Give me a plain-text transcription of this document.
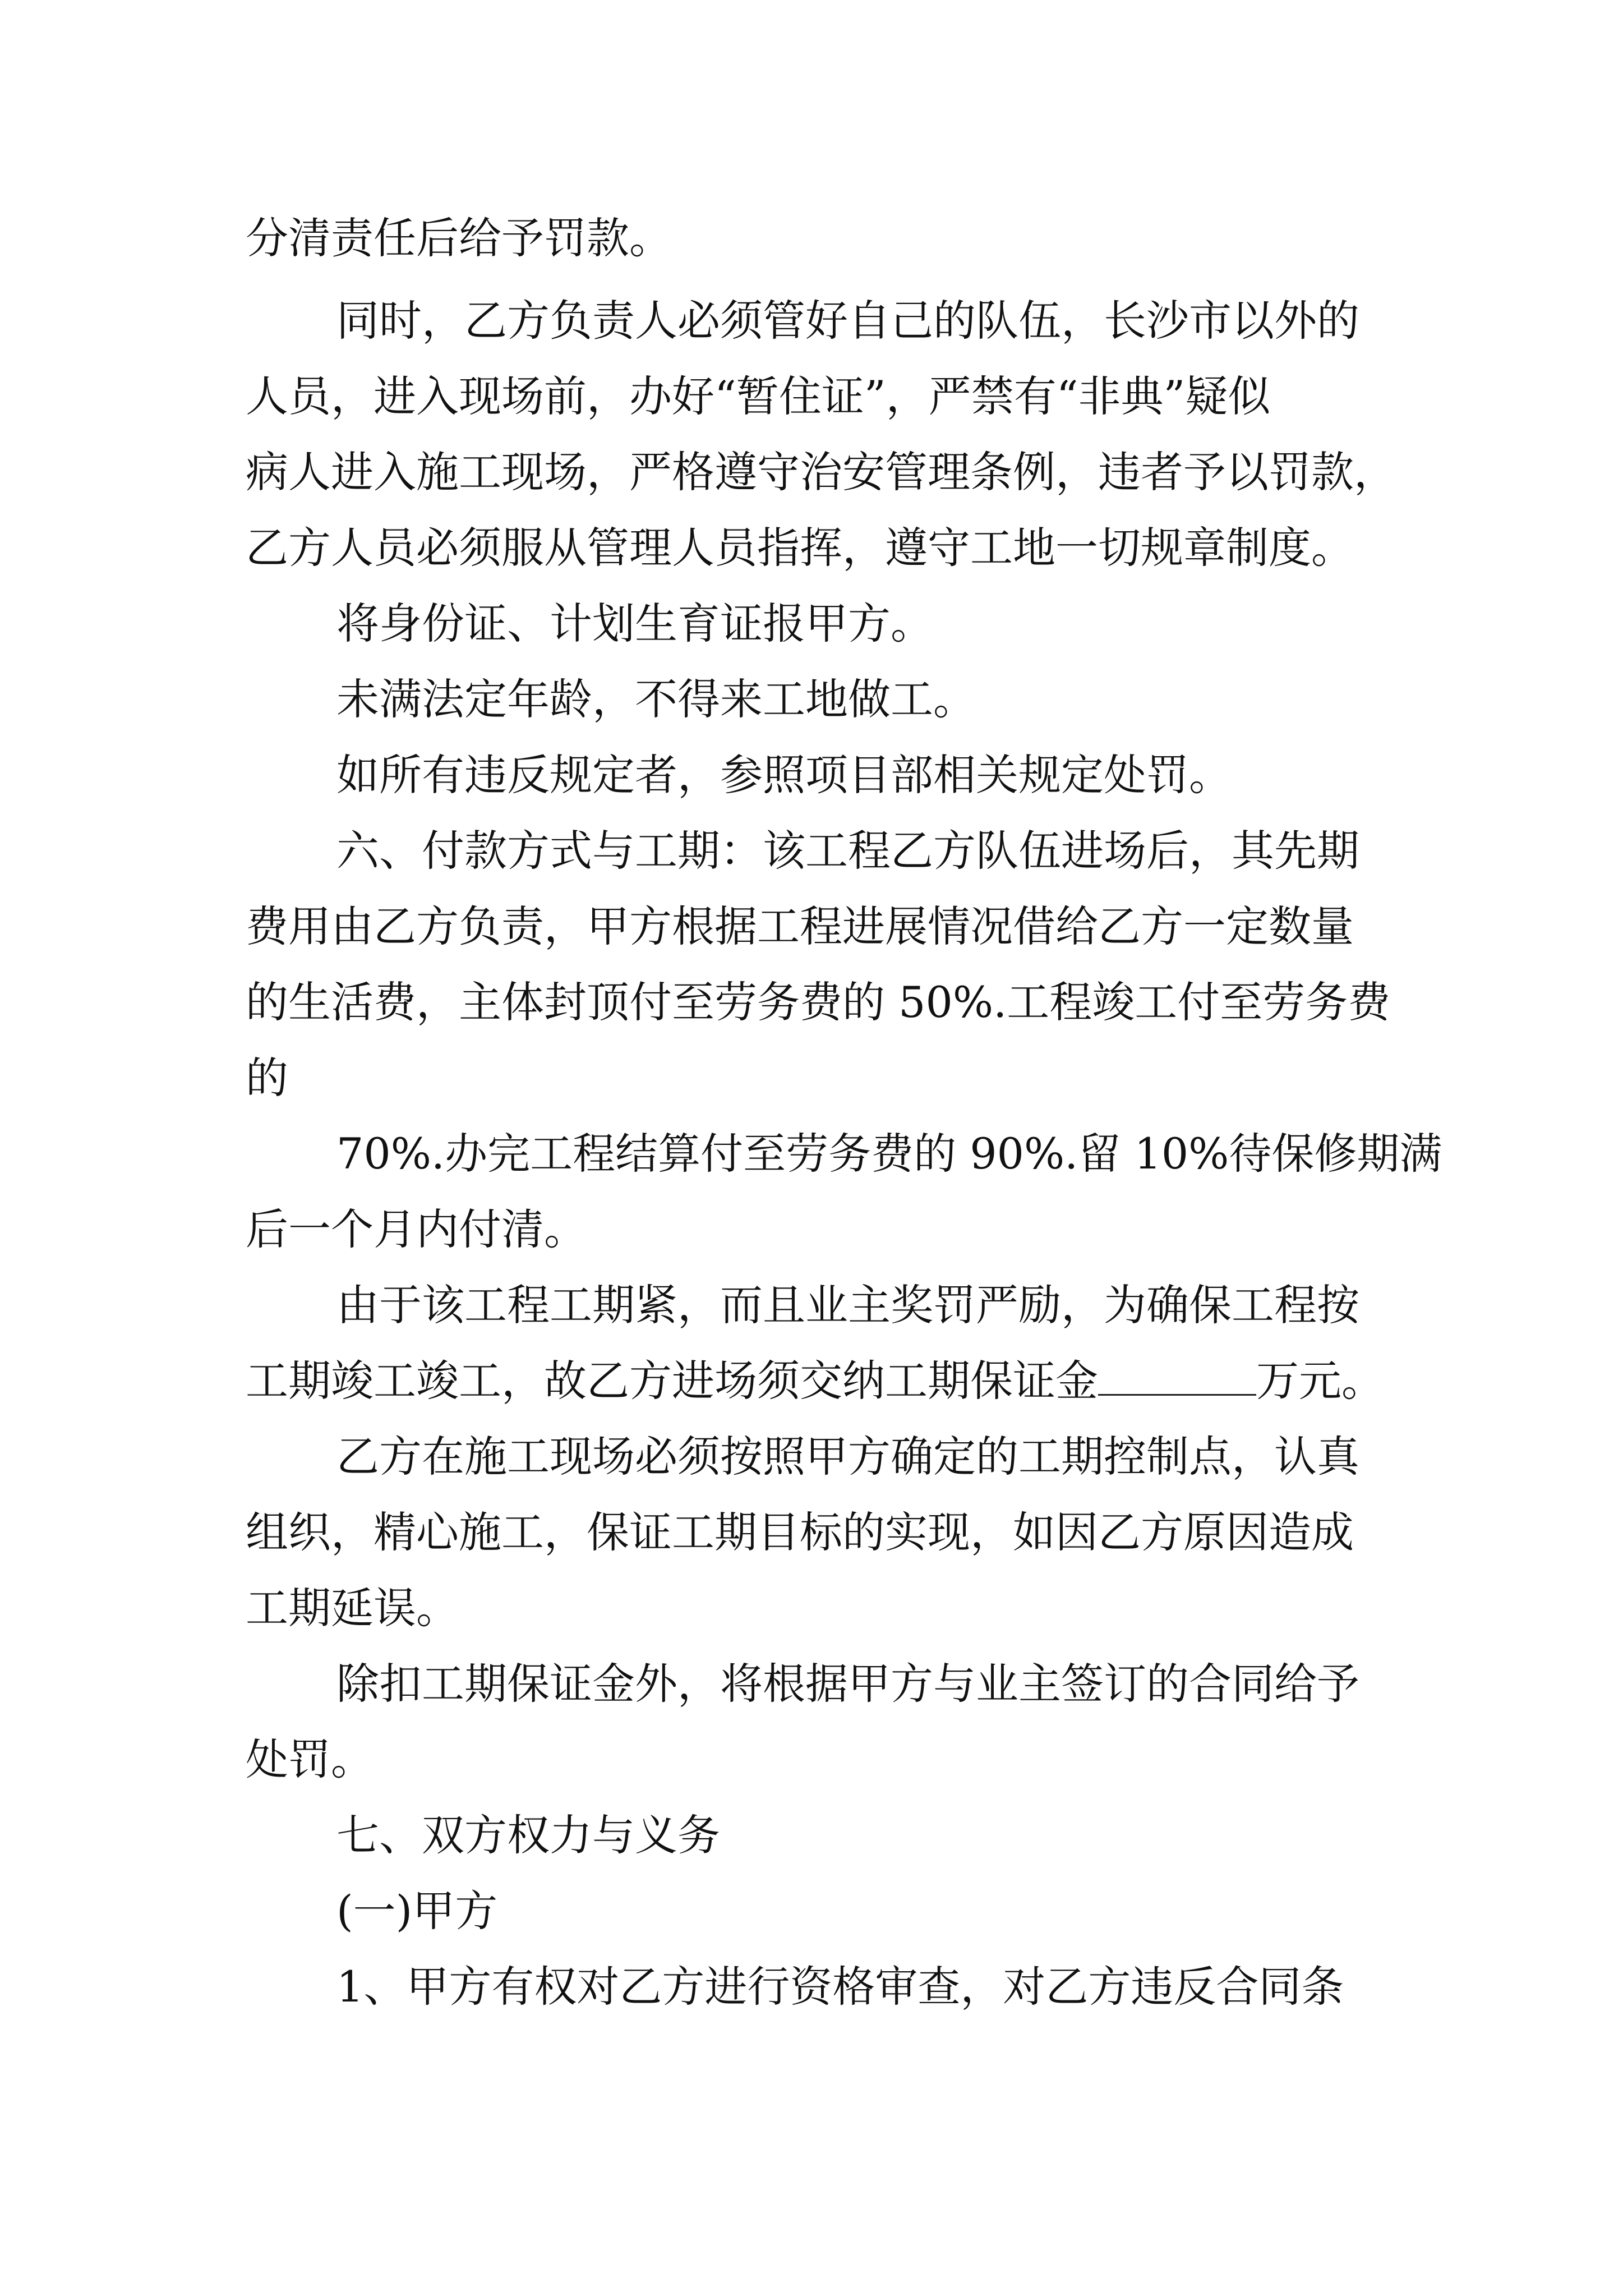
分清责任后给予罚款。

同时，乙方负责人必须管好自己的队伍，长沙市以外的

人员，进入现场前，办好“暂住证”，严禁有“非典”疑似

病人进入施工现场，严格遵守治安管理条例，违者予以罚款，

乙方人员必须服从管理人员指挥，遵守工地一切规章制度。

将身份证、计划生育证报甲方。

未满法定年龄，不得来工地做工。

如所有违反规定者，参照项目部相关规定处罚。

六、付款方式与工期：该工程乙方队伍进场后，其先期

费用由乙方负责，甲方根据工程进展情况借给乙方一定数量

的生活费，主体封顶付至劳务费的 50%.工程竣工付至劳务费

的

70%.办完工程结算付至劳务费的 90%.留 10%待保修期满

后一个月内付清。

由于该工程工期紧，而且业主奖罚严励，为确保工程按

工期竣工竣工，故乙方进场须交纳工期保证金	万元。

乙方在施工现场必须按照甲方确定的工期控制点，认真

组织，精心施工，保证工期目标的实现，如因乙方原因造成

工期延误。

除扣工期保证金外，将根据甲方与业主签订的合同给予

处罚。

七、双方权力与义务

(一)甲方

1、甲方有权对乙方进行资格审查，对乙方违反合同条
